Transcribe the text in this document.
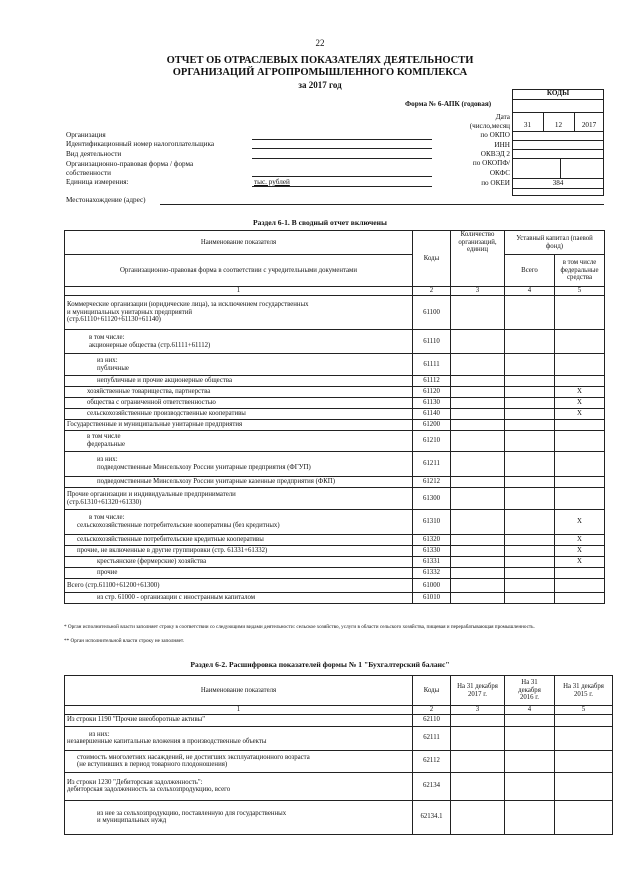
22
ОТЧЕТ ОБ ОТРАСЛЕВЫХ ПОКАЗАТЕЛЯХ ДЕЯТЕЛЬНОСТИ
ОРГАНИЗАЦИЙ АГРОПРОМЫШЛЕННОГО КОМПЛЕКСА
за 2017 год
КОДЫ
Форма № 6-АПК (годовая)
Дата
(число,месяц	31	12	2017
по ОКПО
ИНН
ОКВЭД 2
по ОКОПФ/
ОКФС
по ОКЕИ	384
Организация
Идентификационный номер налогоплательщика
Вид деятельности
Организационно-правовая форма / форма
собственности
Единица измерения:	тыс. рублей
Местонахождение (адрес)
Раздел 6-1. В сводный отчет включены
Наименование показателя	Коды	Количество
организаций,
единиц	Уставный капитал (паевой
фонд)	
Организационно-правовая форма в соответствии с учредительными документами			Всего	в том числе
федеральные
средства
1	2	3	4	5
Коммерческие организации (юридические лица), за исключением государственных
и муниципальных унитарных предприятий
(стр.61110+61120+61130+61140)	61100			

в том числе:
акционерные общества (стр.61111+61112)	61110			
из них:
публичные	61111			
непубличные и прочие акционерные общества	61112			
хозяйственные товарищества, партнерства	61120			X
общества с ограниченной ответственностью	61130			X
сельскохозяйственные производственные кооперативы	61140			X
Государственные и муниципальные унитарные предприятия	61200			
в том числе
федеральные	61210			
из них:
подведомственные Минсельхозу России унитарные предприятия (ФГУП)	61211			
подведомственные Минсельхозу России унитарные казенные предприятия (ФКП)	61212			
Прочие организации и индивидуальные предприниматели
(стр.61310+61320+61330)	61300			

в том числе:
сельскохозяйственные потребительские кооперативы (без кредитных)	61310			X
сельскохозяйственные потребительские кредитные кооперативы	61320			X
прочие, не включенные в другие группировки (стр. 61331+61332)	61330			X
крестьянские (фермерские) хозяйства	61331			X
прочие	61332			
Всего (стр.61100+61200+61300)	61000			
из стр. 61000 - организации с иностранным капиталом	61010			
* Орган исполнительной власти заполняет строку в соответствии со следующими видами деятельности: сельское хозяйство, услуги в области сельского хозяйства, пищевая и перерабатывающая промышленность.
** Орган исполнительной власти строку не заполняет.
Раздел 6-2. Расшифровка показателей формы № 1 "Бухгалтерский баланс"
Наименование показателя	Коды	На 31 декабря
2017 г.	На 31
декабря
2016 г.	На 31 декабря
2015 г.
1	2	3	4	5
Из строки 1190 "Прочие внеоборотные активы"	62110			

из них:
незавершенные капитальные вложения в производственные объекты	62111			
стоимость многолетних насаждений, не достигших эксплуатационного возраста
(не вступивших в период товарного плодоношения)	62112			
Из строки 1230 "Дебиторская задолженность":
дебиторская задолженность за сельхозпродукцию, всего	62134			
из нее за сельхозпродукцию, поставленную для государственных
и муниципальных нужд	62134.1			
